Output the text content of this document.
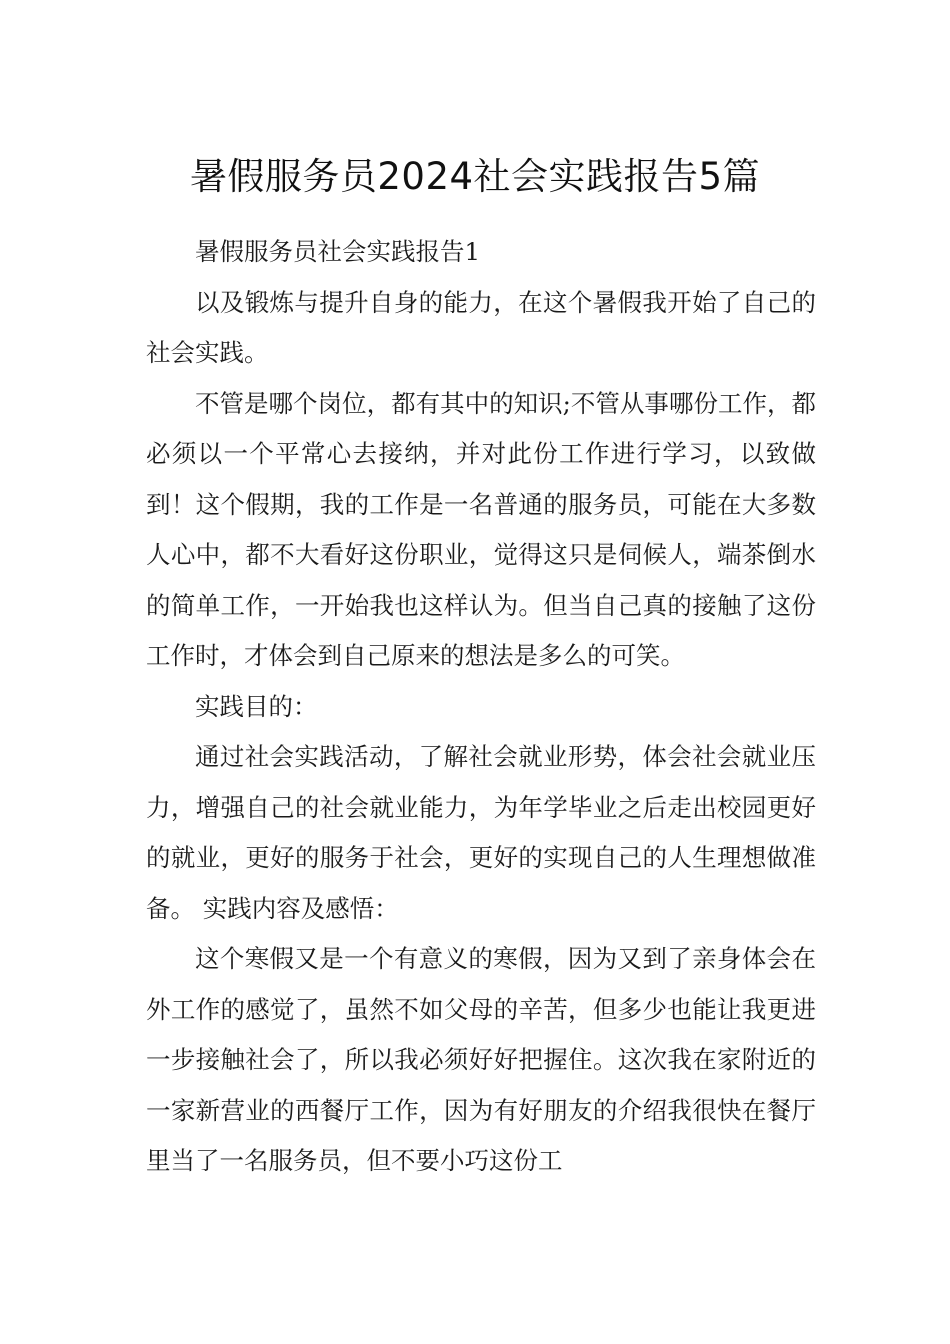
暑假服务员2024社会实践报告5篇

暑假服务员社会实践报告1

以及锻炼与提升自身的能力，在这个暑假我开始了自己的社会实践。

不管是哪个岗位，都有其中的知识;不管从事哪份工作，都必须以一个平常心去接纳，并对此份工作进行学习，以致做到！这个假期，我的工作是一名普通的服务员，可能在大多数人心中，都不大看好这份职业，觉得这只是伺候人，端茶倒水的简单工作，一开始我也这样认为。但当自己真的接触了这份工作时，才体会到自己原来的想法是多么的可笑。

实践目的：

通过社会实践活动，了解社会就业形势，体会社会就业压力，增强自己的社会就业能力，为年学毕业之后走出校园更好的就业，更好的服务于社会，更好的实现自己的人生理想做准备。 实践内容及感悟：

这个寒假又是一个有意义的寒假，因为又到了亲身体会在外工作的感觉了，虽然不如父母的辛苦，但多少也能让我更进一步接触社会了，所以我必须好好把握住。这次我在家附近的一家新营业的西餐厅工作，因为有好朋友的介绍我很快在餐厅里当了一名服务员，但不要小巧这份工
